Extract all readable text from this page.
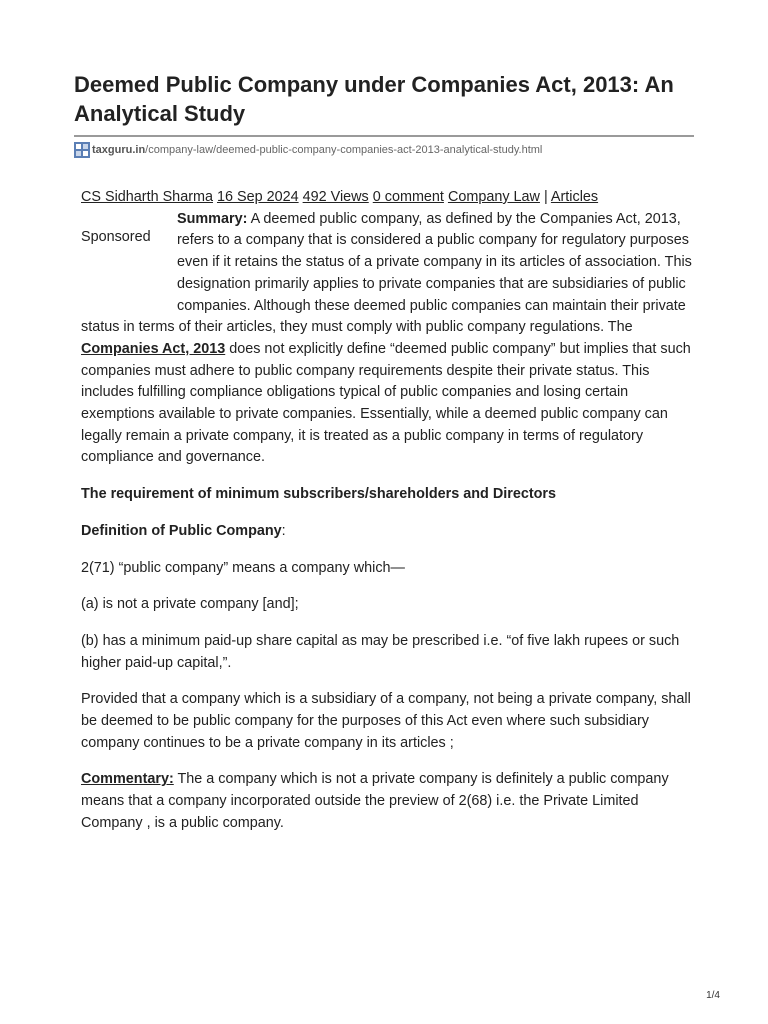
Deemed Public Company under Companies Act, 2013: An Analytical Study
taxguru.in /company-law/deemed-public-company-companies-act-2013-analytical-study.html
CS Sidharth Sharma 16 Sep 2024 492 Views 0 comment Company Law | Articles

Sponsored
Summary: A deemed public company, as defined by the Companies Act, 2013, refers to a company that is considered a public company for regulatory purposes even if it retains the status of a private company in its articles of association. This designation primarily applies to private companies that are subsidiaries of public companies. Although these deemed public companies can maintain their private status in terms of their articles, they must comply with public company regulations. The Companies Act, 2013 does not explicitly define “deemed public company” but implies that such companies must adhere to public company requirements despite their private status. This includes fulfilling compliance obligations typical of public companies and losing certain exemptions available to private companies. Essentially, while a deemed public company can legally remain a private company, it is treated as a public company in terms of regulatory compliance and governance.

The requirement of minimum subscribers/shareholders and Directors

Definition of Public Company:

2(71) “public company” means a company which—

(a) is not a private company [and];

(b) has a minimum paid-up share capital as may be prescribed i.e. “of five lakh rupees or such higher paid-up capital,”.

Provided that a company which is a subsidiary of a company, not being a private company, shall be deemed to be public company for the purposes of this Act even where such subsidiary company continues to be a private company in its articles ;

Commentary: The a company which is not a private company is definitely a public company means that a company incorporated outside the preview of 2(68) i.e. the Private Limited Company , is a public company.

1/4
